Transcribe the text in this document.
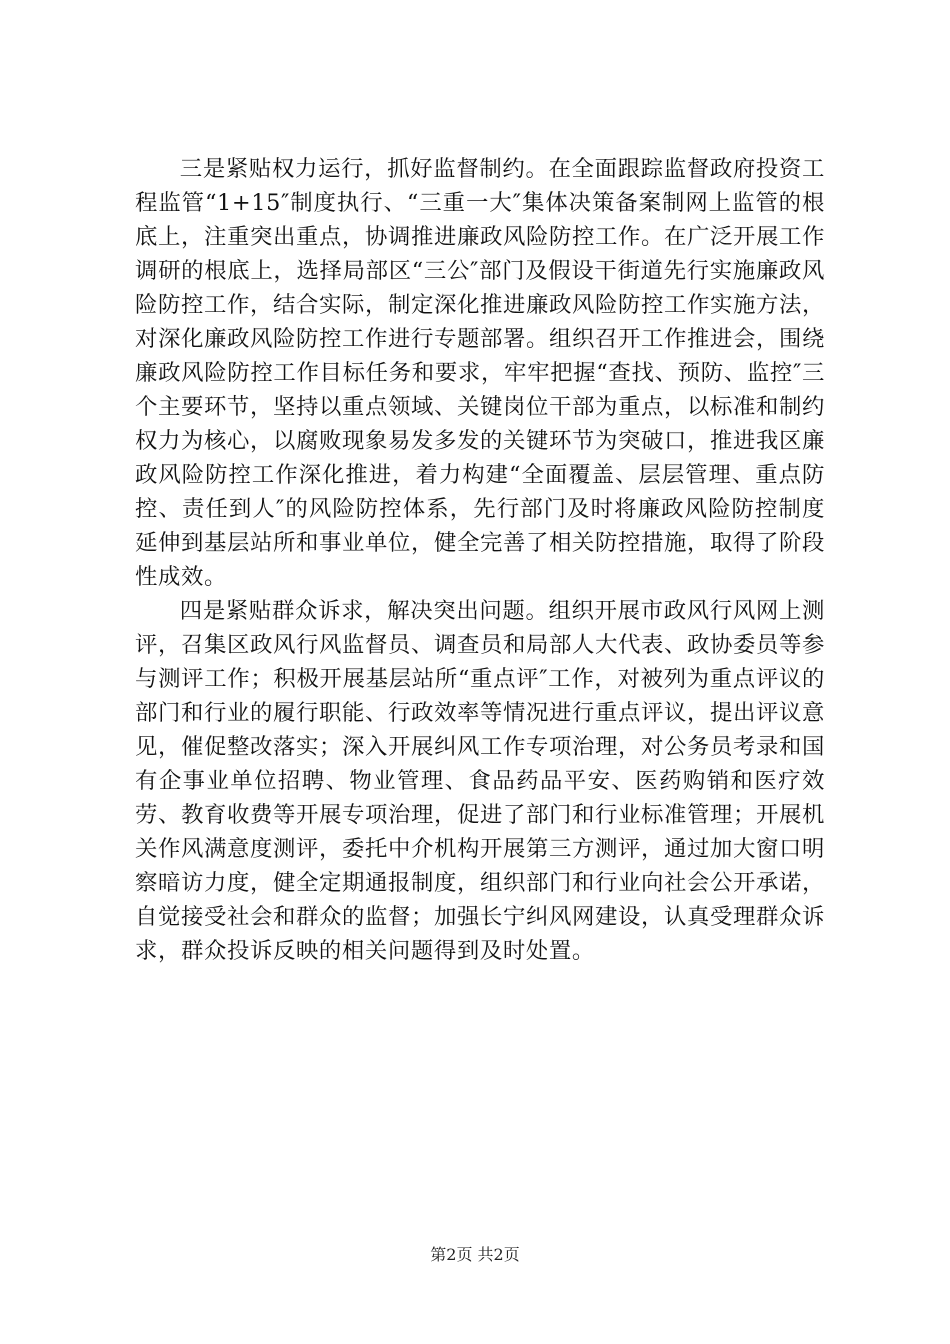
三是紧贴权力运行，抓好监督制约。在全面跟踪监督政府投资工程监管“1+15″制度执行、“三重一大″集体决策备案制网上监管的根底上，注重突出重点，协调推进廉政风险防控工作。在广泛开展工作调研的根底上，选择局部区“三公″部门及假设干街道先行实施廉政风险防控工作，结合实际，制定深化推进廉政风险防控工作实施方法，对深化廉政风险防控工作进行专题部署。组织召开工作推进会，围绕廉政风险防控工作目标任务和要求，牢牢把握“查找、预防、监控″三个主要环节，坚持以重点领域、关键岗位干部为重点，以标准和制约权力为核心，以腐败现象易发多发的关键环节为突破口，推进我区廉政风险防控工作深化推进，着力构建“全面覆盖、层层管理、重点防控、责任到人″的风险防控体系，先行部门及时将廉政风险防控制度延伸到基层站所和事业单位，健全完善了相关防控措施，取得了阶段性成效。

四是紧贴群众诉求，解决突出问题。组织开展市政风行风网上测评，召集区政风行风监督员、调查员和局部人大代表、政协委员等参与测评工作；积极开展基层站所“重点评″工作，对被列为重点评议的部门和行业的履行职能、行政效率等情况进行重点评议，提出评议意见，催促整改落实；深入开展纠风工作专项治理，对公务员考录和国有企事业单位招聘、物业管理、食品药品平安、医药购销和医疗效劳、教育收费等开展专项治理，促进了部门和行业标准管理；开展机关作风满意度测评，委托中介机构开展第三方测评，通过加大窗口明察暗访力度，健全定期通报制度，组织部门和行业向社会公开承诺，自觉接受社会和群众的监督；加强长宁纠风网建设，认真受理群众诉求，群众投诉反映的相关问题得到及时处置。

第2页 共2页
